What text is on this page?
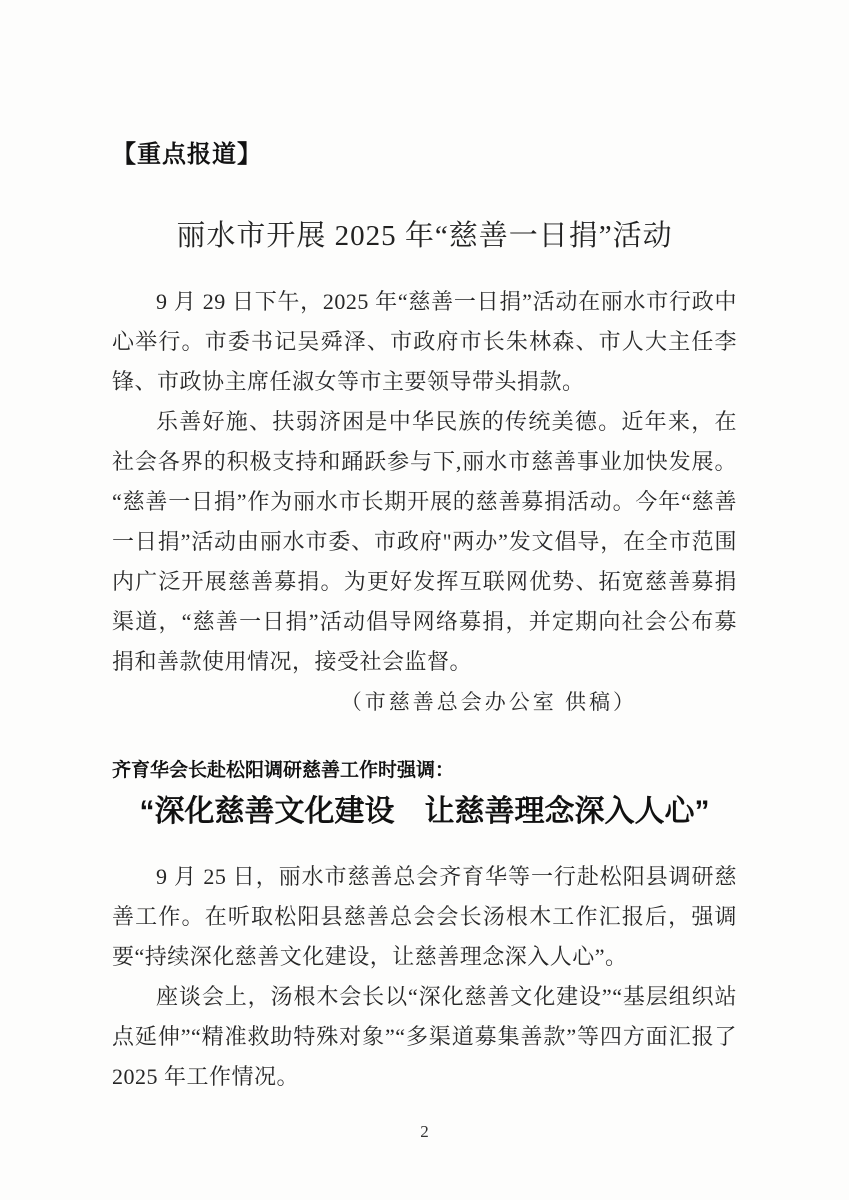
【重点报道】
丽水市开展 2025 年“慈善一日捐”活动

9 月 29 日下午，2025 年“慈善一日捐”活动在丽水市行政中心举行。市委书记吴舜泽、市政府市长朱林森、市人大主任李锋、市政协主席任淑女等市主要领导带头捐款。

乐善好施、扶弱济困是中华民族的传统美德。近年来，在社会各界的积极支持和踊跃参与下,丽水市慈善事业加快发展。“慈善一日捐”作为丽水市长期开展的慈善募捐活动。今年“慈善一日捐”活动由丽水市委、市政府"两办”发文倡导，在全市范围内广泛开展慈善募捐。为更好发挥互联网优势、拓宽慈善募捐渠道，“慈善一日捐”活动倡导网络募捐，并定期向社会公布募捐和善款使用情况，接受社会监督。

（市慈善总会办公室 供稿）

齐育华会长赴松阳调研慈善工作时强调：
“深化慈善文化建设　让慈善理念深入人心”

9 月 25 日，丽水市慈善总会齐育华等一行赴松阳县调研慈善工作。在听取松阳县慈善总会会长汤根木工作汇报后，强调要“持续深化慈善文化建设，让慈善理念深入人心”。

座谈会上，汤根木会长以“深化慈善文化建设”“基层组织站点延伸”“精准救助特殊对象”“多渠道募集善款”等四方面汇报了 2025 年工作情况。

2
